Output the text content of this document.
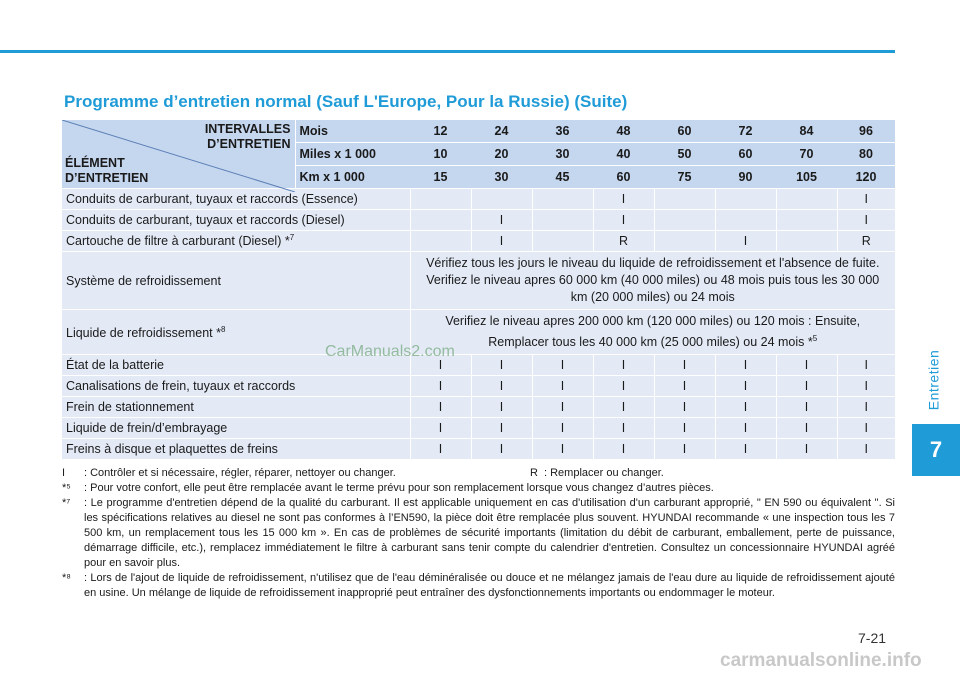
Entretien
7
Programme d’entretien normal (Sauf L'Europe, Pour la Russie) (Suite)
INTERVALLES
D’ENTRETIEN
ÉLÉMENT
D’ENTRETIEN	Mois	12	24	36	48	60	72	84	96
	Miles x 1 000	10	20	30	40	50	60	70	80
	Km x 1 000	15	30	45	60	75	90	105	120
Conduits de carburant, tuyaux et raccords (Essence)					I				I
Conduits de carburant, tuyaux et raccords (Diesel)			I		I				I
Cartouche de filtre à carburant (Diesel) *$^7$			I		R		I		R
Système de refroidissement		Vérifiez tous les jours le niveau du liquide de refroidissement et l'absence de fuite. Verifiez le niveau apres 60 000 km (40 000 miles) ou 48 mois puis tous les 30 000 km (20 000 miles) ou 24 mois							
Liquide de refroidissement *$^8$		Verifiez le niveau apres 200 000 km (120 000 miles) ou 120 mois : Ensuite, Remplacer tous les 40 000 km (25 000 miles) ou 24 mois *$^5$
État de la batterie		I	I	I	I	I	I	I	I
Canalisations de frein, tuyaux et raccords		I	I	I	I	I	I	I	I
Frein de stationnement		I	I	I	I	I	I	I	I
Liquide de frein/d’embrayage		I	I	I	I	I	I	I	I
Freins à disque et plaquettes de freins		I	I	I	I	I	I	I	I
I	: Contrôler et si nécessaire, régler, réparer, nettoyer ou changer.	R : Remplacer ou changer.
*⁵	: Pour votre confort, elle peut être remplacée avant le terme prévu pour son remplacement lorsque vous changez d’autres pièces.
*⁷	: Le programme d'entretien dépend de la qualité du carburant. Il est applicable uniquement en cas d'utilisation d'un carburant approprié, " EN 590 ou équivalent ". Si les spécifications relatives au diesel ne sont pas conformes à l’EN590, la pièce doit être remplacée plus souvent. HYUNDAI recommande « une inspection tous les 7 500 km, un remplacement tous les 15 000 km ». En cas de problèmes de sécurité importants (limitation du débit de carburant, emballement, perte de puissance, démarrage difficile, etc.), remplacez immédiatement le filtre à carburant sans tenir compte du calendrier d'entretien. Consultez un concessionnaire HYUNDAI agréé pour en savoir plus.
*⁸	: Lors de l'ajout de liquide de refroidissement, n'utilisez que de l'eau déminéralisée ou douce et ne mélangez jamais de l'eau dure au liquide de refroidissement ajouté en usine. Un mélange de liquide de refroidissement inapproprié peut entraîner des dysfonctionnements importants ou endommager le moteur.
CarManuals2.com
7-21
carmanualsonline.info
